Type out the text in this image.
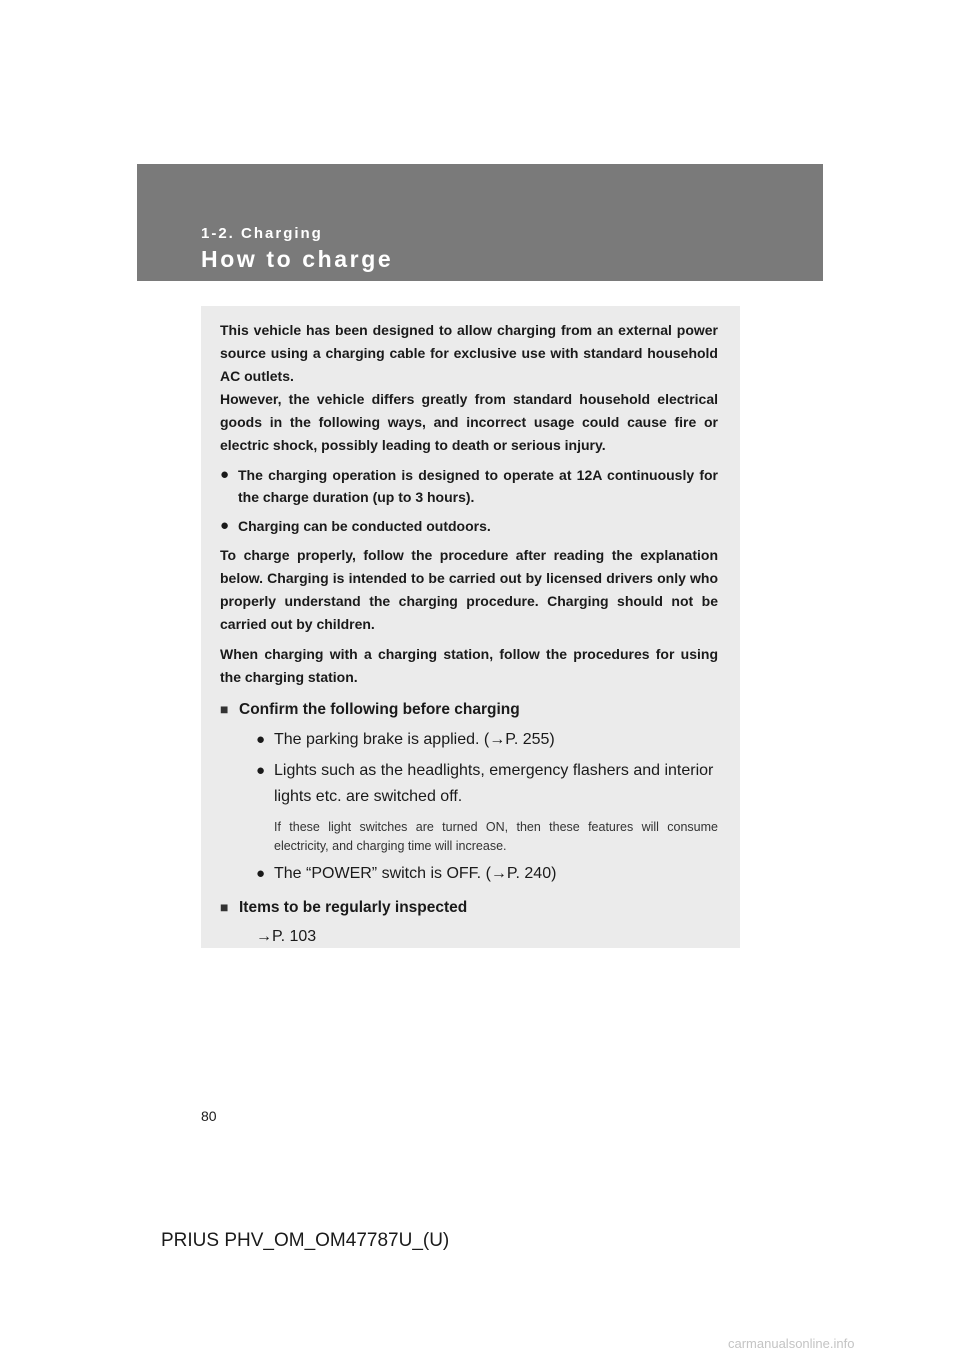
1-2. Charging
How to charge

This vehicle has been designed to allow charging from an external power source using a charging cable for exclusive use with standard household AC outlets.

However, the vehicle differs greatly from standard household electrical goods in the following ways, and incorrect usage could cause fire or electric shock, possibly leading to death or serious injury.

● The charging operation is designed to operate at 12A continuously for the charge duration (up to 3 hours).
● Charging can be conducted outdoors.

To charge properly, follow the procedure after reading the explanation below. Charging is intended to be carried out by licensed drivers only who properly understand the charging procedure. Charging should not be carried out by children.

When charging with a charging station, follow the procedures for using the charging station.

■ Confirm the following before charging
● The parking brake is applied. (→P. 255)
● Lights such as the headlights, emergency flashers and interior lights etc. are switched off.
If these light switches are turned ON, then these features will consume electricity, and charging time will increase.
● The “POWER” switch is OFF. (→P. 240)
■ Items to be regularly inspected
→P. 103
80
PRIUS PHV_OM_OM47787U_(U)
carmanualsonline.info
